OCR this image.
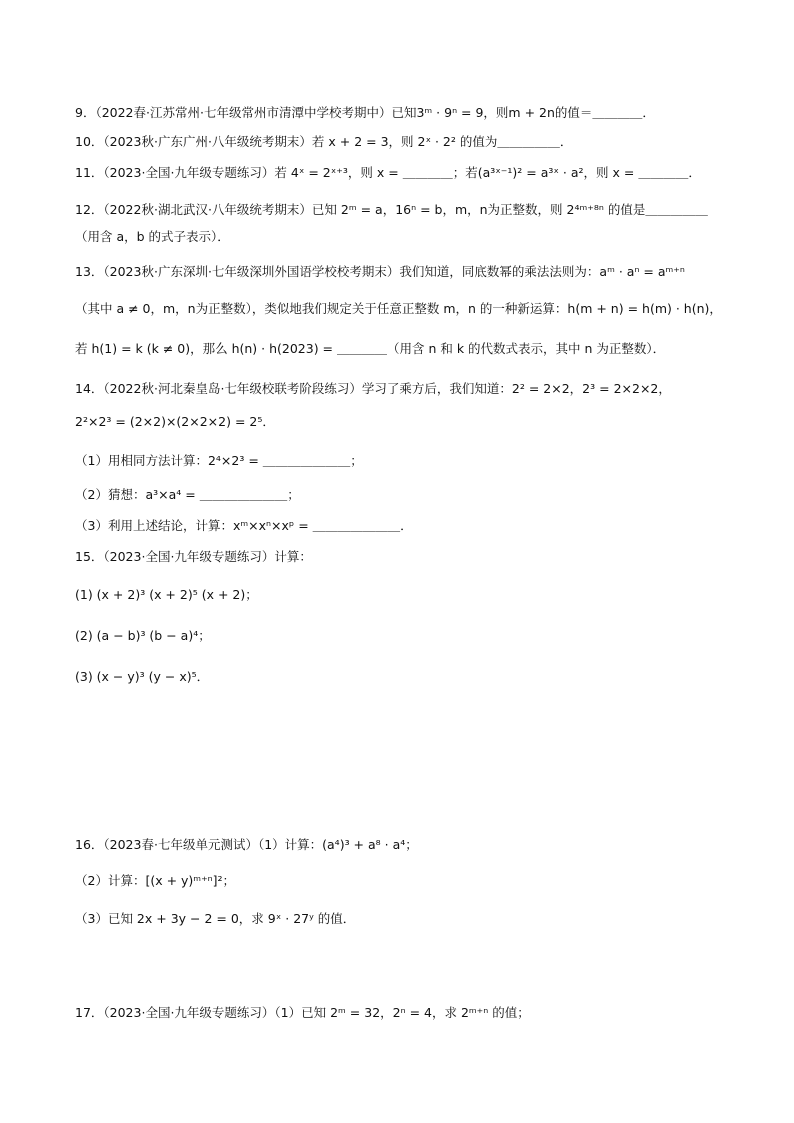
9．（2022春·江苏常州·七年级常州市清潭中学校考期中）已知3ᵐ · 9ⁿ = 9，则m + 2n的值＝＿＿＿＿．
10．（2023秋·广东广州·八年级统考期末）若 x + 2 = 3，则 2ˣ · 2² 的值为＿＿＿＿＿．
11．（2023·全国·九年级专题练习）若 4ˣ = 2ˣ⁺³，则 x = ＿＿＿＿；若(a³ˣ⁻¹)² = a³ˣ · a²，则 x = ＿＿＿＿．
12．（2022秋·湖北武汉·八年级统考期末）已知 2ᵐ = a，16ⁿ = b，m，n为正整数，则 2⁴ᵐ⁺⁸ⁿ 的值是＿＿＿＿＿
（用含 a，b 的式子表示）．
13．（2023秋·广东深圳·七年级深圳外国语学校校考期末）我们知道，同底数幂的乘法法则为：aᵐ · aⁿ = aᵐ⁺ⁿ
（其中 a ≠ 0，m，n为正整数），类似地我们规定关于任意正整数 m，n 的一种新运算：h(m + n) = h(m) · h(n)，
若 h(1) = k (k ≠ 0)，那么 h(n) · h(2023) = ＿＿＿＿（用含 n 和 k 的代数式表示，其中 n 为正整数）．
14．（2022秋·河北秦皇岛·七年级校联考阶段练习）学习了乘方后，我们知道：2² = 2×2，2³ = 2×2×2，
2²×2³ = (2×2)×(2×2×2) = 2⁵．
（1）用相同方法计算：2⁴×2³ = ＿＿＿＿＿＿＿；
（2）猜想：a³×a⁴ = ＿＿＿＿＿＿＿；
（3）利用上述结论，计算：xᵐ×xⁿ×xᵖ = ＿＿＿＿＿＿＿．
15．（2023·全国·九年级专题练习）计算：
(1) (x + 2)³ (x + 2)⁵ (x + 2)；
(2) (a − b)³ (b − a)⁴；
(3) (x − y)³ (y − x)⁵．
16．（2023春·七年级单元测试）（1）计算：(a⁴)³ + a⁸ · a⁴；
（2）计算：[(x + y)ᵐ⁺ⁿ]²；
（3）已知 2x + 3y − 2 = 0，求 9ˣ · 27ʸ 的值．
17．（2023·全国·九年级专题练习）（1）已知 2ᵐ = 32，2ⁿ = 4，求 2ᵐ⁺ⁿ 的值；
